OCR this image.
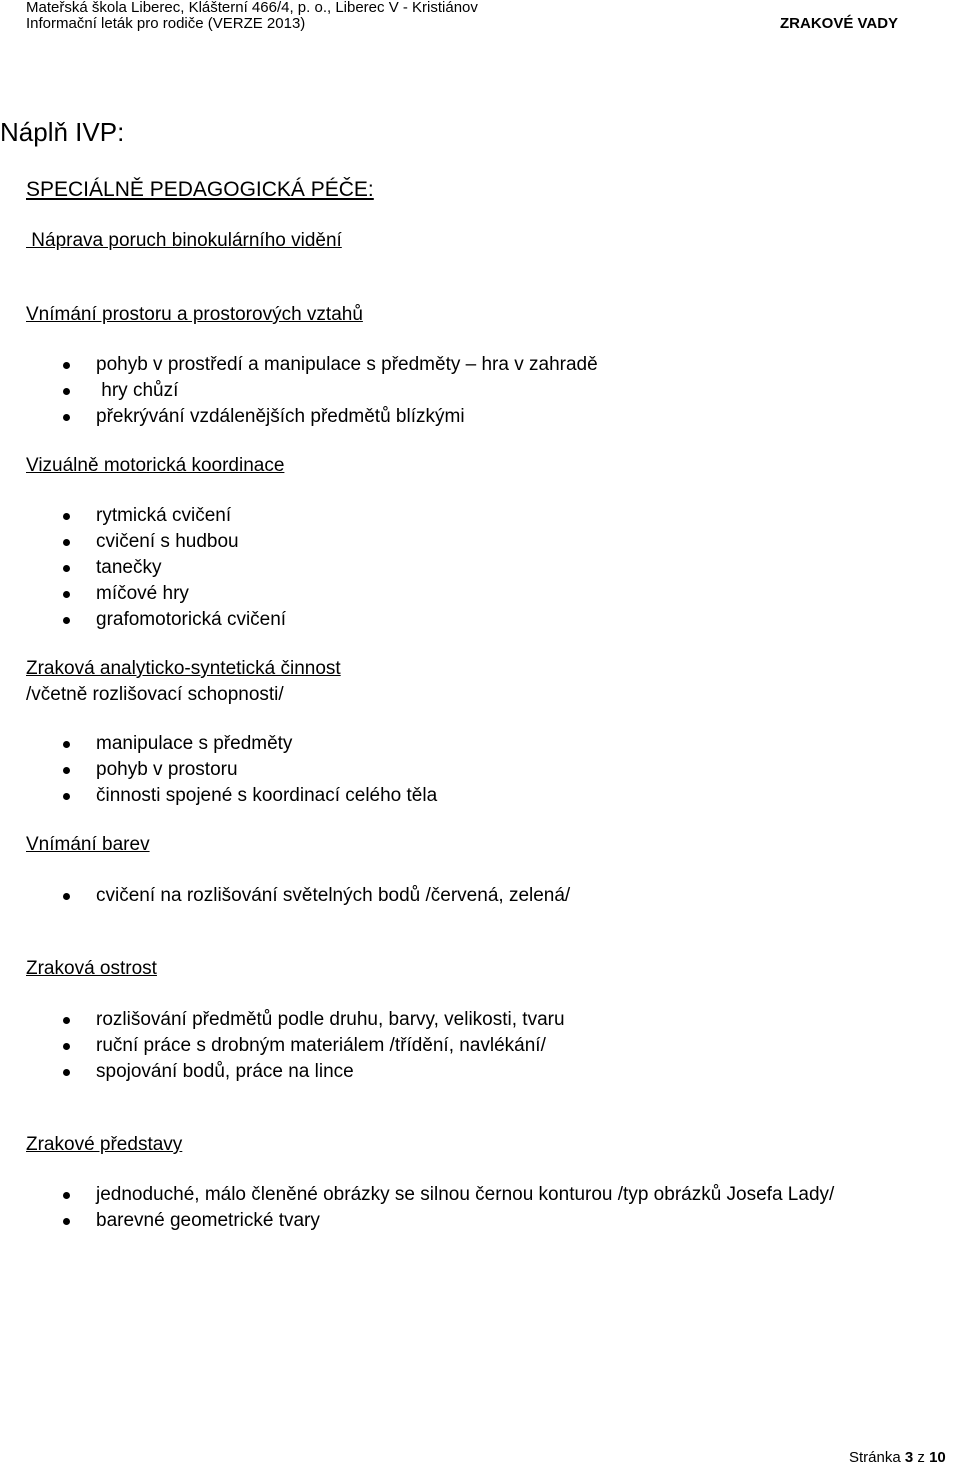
Mateřská škola Liberec, Klášterní 466/4, p. o., Liberec V - Kristiánov
Informační leták pro rodiče (VERZE 2013)	ZRAKOVÉ VADY
Náplň IVP:
SPECIÁLNĚ PEDAGOGICKÁ PÉČE:
Náprava poruch binokulárního vidění
Vnímání prostoru a prostorových vztahů
pohyb v prostředí a manipulace s předměty – hra v zahradě
hry chůzí
překrývání vzdálenějších předmětů blízkými
Vizuálně motorická koordinace
rytmická cvičení
cvičení s hudbou
tanečky
míčové hry
grafomotorická cvičení
Zraková analyticko-syntetická činnost
/včetně rozlišovací schopnosti/
manipulace s předměty
pohyb v prostoru
činnosti spojené s koordinací celého těla
Vnímání barev
cvičení na rozlišování světelných bodů /červená, zelená/
Zraková ostrost
rozlišování předmětů podle druhu, barvy, velikosti, tvaru
ruční práce s drobným materiálem /třídění, navlékání/
spojování bodů, práce na lince
Zrakové představy
jednoduché, málo členěné obrázky se silnou černou konturou /typ obrázků Josefa Lady/
barevné geometrické tvary
Stránka 3 z 10
